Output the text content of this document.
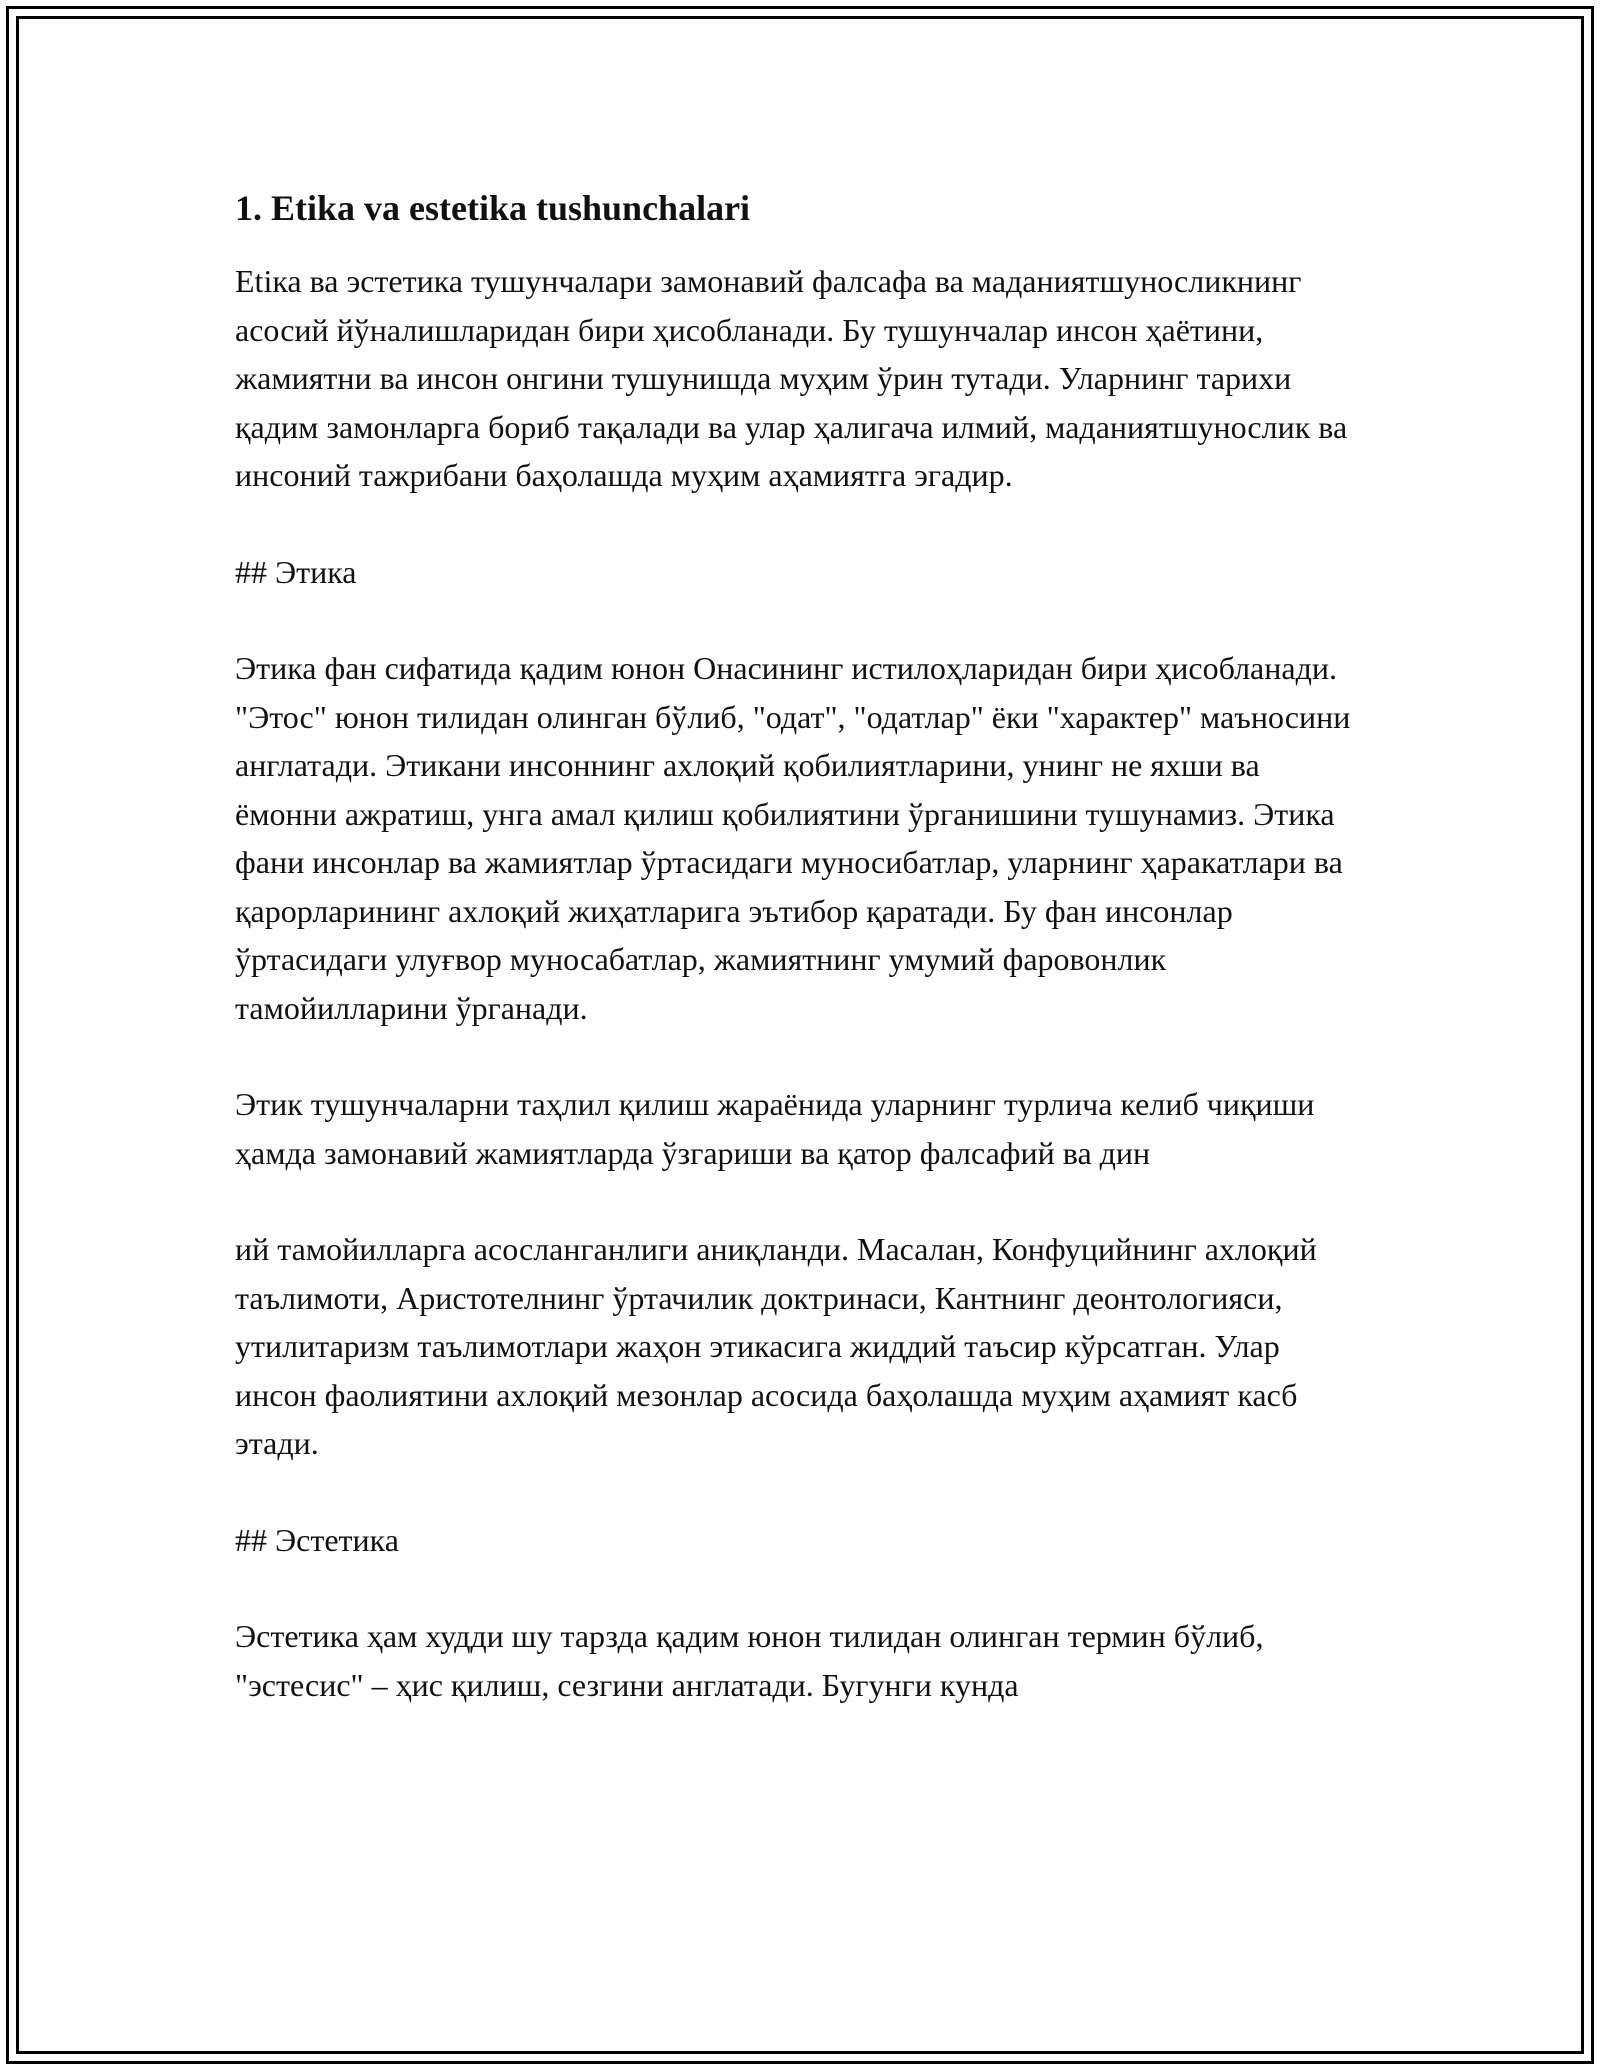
1. Etika va estetika tushunchalari

Etіка ва эстетика тушунчалари замонавий фалсафа ва маданиятшуносликнинг асосий йўналишларидан бири ҳисобланади. Бу тушунчалар инсон ҳаётини, жамиятни ва инсон онгини тушунишда муҳим ўрин тутади. Уларнинг тарихи қадим замонларга бориб тақалади ва улар ҳалигача илмий, маданиятшунослик ва инсоний тажрибани баҳолашда муҳим аҳамиятга эгадир.

## Этика

Этика фан сифатида қадим юнон Онасининг истилоҳларидан бири ҳисобланади. "Этос" юнон тилидан олинган бўлиб, "одат", "одатлар" ёки "характер" маъносини англатади. Этикани инсоннинг ахлоқий қобилиятларини, унинг не яхши ва ёмонни ажратиш, унга амал қилиш қобилиятини ўрганишини тушунамиз. Этика фани инсонлар ва жамиятлар ўртасидаги муносибатлар, уларнинг ҳаракатлари ва қарорларининг ахлоқий жиҳатларига эътибор қаратади. Бу фан инсонлар ўртасидаги улуғвор муносабатлар, жамиятнинг умумий фаровонлик тамойилларини ўрганади.

Этик тушунчаларни таҳлил қилиш жараёнида уларнинг турлича келиб чиқиши ҳамда замонавий жамиятларда ўзгариши ва қатор фалсафий ва дин

ий тамойилларга асосланганлиги аниқланди. Масалан, Конфуцийнинг ахлоқий таълимоти, Аристотелнинг ўртачилик доктринаси, Кантнинг деонтологияси, утилитаризм таълимотлари жаҳон этикасига жиддий таъсир кўрсатган. Улар инсон фаолиятини ахлоқий мезонлар асосида баҳолашда муҳим аҳамият касб этади.

## Эстетика

Эстетика ҳам худди шу тарзда қадим юнон тилидан олинган термин бўлиб, "эстесис" – ҳис қилиш, сезгини англатади. Бугунги кунда
